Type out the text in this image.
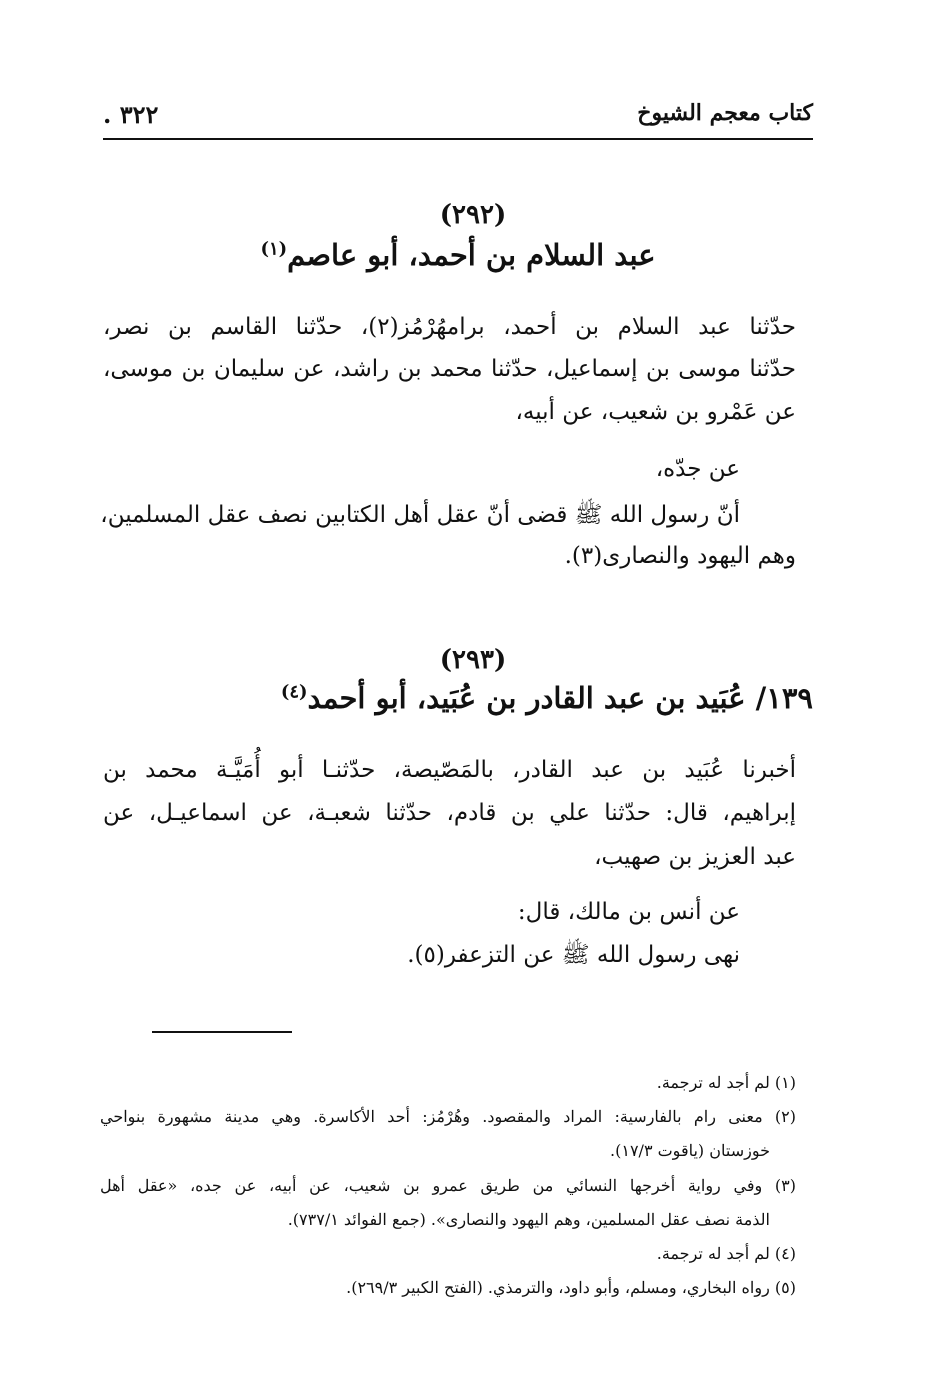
كتاب معجم الشيوخ
٣٢٢ .
(٢٩٢)
عبد السلام بن أحمد، أبو عاصم$^{(١)}$
حدّثنا عبد السلام بن أحمد، برامهُرْمُز(٢)، حدّثنا القاسم بن نصر،
حدّثنا موسى بن إسماعيل، حدّثنا محمد بن راشد، عن سليمان بن موسى،
عن عَمْرو بن شعيب، عن أبيه،
عن جدّه،
أنّ رسول الله ﷺ قضى أنّ عقل أهل الكتابين نصف عقل المسلمين،
وهم اليهود والنصارى(٣).
(٢٩٣)
١٣٩/ عُبَيد بن عبد القادر بن عُبَيد، أبو أحمد$^{(٤)}$
أخبرنا عُبَيد بن عبد القادر، بالمَصّيصة، حدّثنـا أبو أُمَيَّـة محمد بن
إبراهيم، قال: حدّثنا علي بن قادم، حدّثنا شعبـة، عن اسماعيـل، عن
عبد العزيز بن صهيب،
عن أنس بن مالك، قال:
نهى رسول الله ﷺ عن التزعفر(٥).
(١) لم أجد له ترجمة.
(٢) معنى رام بالفارسية: المراد والمقصود. وهُرْمُز: أحد الأكاسرة. وهي مدينة مشهورة بنواحي
خوزستان (ياقوت ١٧/٣).
(٣) وفي رواية أخرجها النسائي من طريق عمرو بن شعيب، عن أبيه، عن جده، «عقل أهل
الذمة نصف عقل المسلمين، وهم اليهود والنصارى». (جمع الفوائد ٧٣٧/١).
(٤) لم أجد له ترجمة.
(٥) رواه البخاري، ومسلم، وأبو داود، والترمذي. (الفتح الكبير ٢٦٩/٣).
